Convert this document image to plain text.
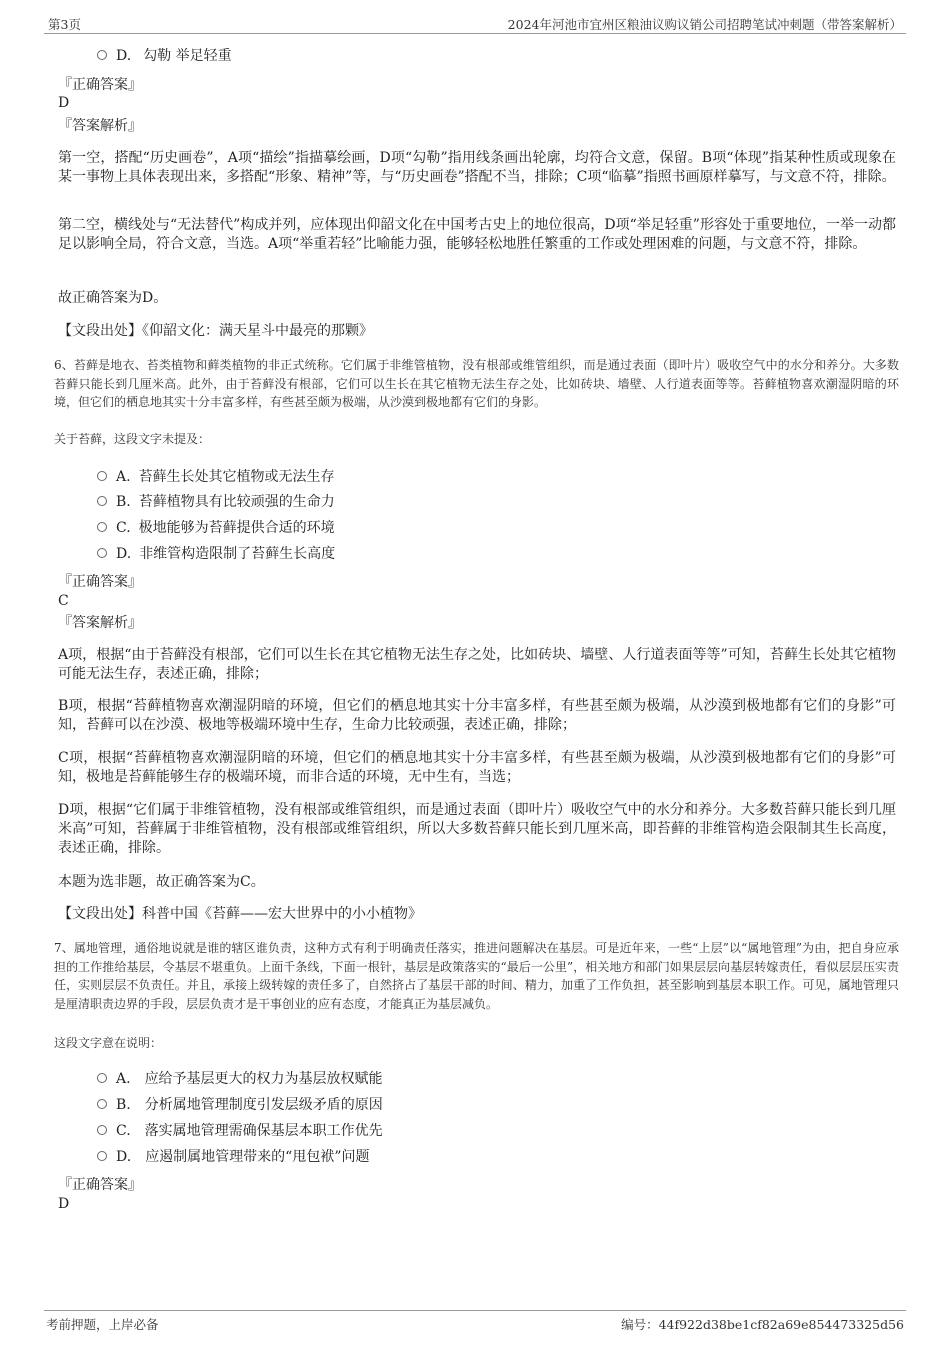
第3页	2024年河池市宜州区粮油议购议销公司招聘笔试冲刺题（带答案解析）
D. 勾勒 举足轻重
『正确答案』
D
『答案解析』
第一空，搭配“历史画卷”，A项“描绘”指描摹绘画，D项“勾勒”指用线条画出轮廓，均符合文意，保留。B项“体现”指某种性质或现象在某一事物上具体表现出来，多搭配“形象、精神”等，与“历史画卷”搭配不当，排除；C项“临摹”指照书画原样摹写，与文意不符，排除。
第二空，横线处与“无法替代”构成并列，应体现出仰韶文化在中国考古史上的地位很高，D项“举足轻重”形容处于重要地位，一举一动都足以影响全局，符合文意，当选。A项“举重若轻”比喻能力强，能够轻松地胜任繁重的工作或处理困难的问题，与文意不符，排除。
故正确答案为D。
【文段出处】《仰韶文化：满天星斗中最亮的那颗》
6、苔藓是地衣、苔类植物和藓类植物的非正式统称。它们属于非维管植物，没有根部或维管组织，而是通过表面（即叶片）吸收空气中的水分和养分。大多数苔藓只能长到几厘米高。此外，由于苔藓没有根部，它们可以生长在其它植物无法生存之处，比如砖块、墙壁、人行道表面等等。苔藓植物喜欢潮湿阴暗的环境，但它们的栖息地其实十分丰富多样，有些甚至颇为极端，从沙漠到极地都有它们的身影。
关于苔藓，这段文字未提及：
A. 苔藓生长处其它植物或无法生存
B. 苔藓植物具有比较顽强的生命力
C. 极地能够为苔藓提供合适的环境
D. 非维管构造限制了苔藓生长高度
『正确答案』
C
『答案解析』
A项，根据“由于苔藓没有根部，它们可以生长在其它植物无法生存之处，比如砖块、墙壁、人行道表面等等”可知，苔藓生长处其它植物可能无法生存，表述正确，排除；
B项，根据“苔藓植物喜欢潮湿阴暗的环境，但它们的栖息地其实十分丰富多样，有些甚至颇为极端，从沙漠到极地都有它们的身影”可知，苔藓可以在沙漠、极地等极端环境中生存，生命力比较顽强，表述正确，排除；
C项，根据“苔藓植物喜欢潮湿阴暗的环境，但它们的栖息地其实十分丰富多样，有些甚至颇为极端，从沙漠到极地都有它们的身影”可知，极地是苔藓能够生存的极端环境，而非合适的环境，无中生有，当选；
D项，根据“它们属于非维管植物，没有根部或维管组织，而是通过表面（即叶片）吸收空气中的水分和养分。大多数苔藓只能长到几厘米高”可知，苔藓属于非维管植物，没有根部或维管组织，所以大多数苔藓只能长到几厘米高，即苔藓的非维管构造会限制其生长高度，表述正确，排除。
本题为选非题，故正确答案为C。
【文段出处】科普中国《苔藓——宏大世界中的小小植物》
7、属地管理，通俗地说就是谁的辖区谁负责，这种方式有利于明确责任落实，推进问题解决在基层。可是近年来，一些“上层”以“属地管理”为由，把自身应承担的工作推给基层，令基层不堪重负。上面千条线，下面一根针，基层是政策落实的“最后一公里”，相关地方和部门如果层层向基层转嫁责任，看似层层压实责任，实则层层不负责任。并且，承接上级转嫁的责任多了，自然挤占了基层干部的时间、精力，加重了工作负担，甚至影响到基层本职工作。可见，属地管理只是厘清职责边界的手段，层层负责才是干事创业的应有态度，才能真正为基层减负。
这段文字意在说明：
A. 应给予基层更大的权力为基层放权赋能
B. 分析属地管理制度引发层级矛盾的原因
C. 落实属地管理需确保基层本职工作优先
D. 应遏制属地管理带来的“甩包袱”问题
『正确答案』
D
考前押题，上岸必备	编号：44f922d38be1cf82a69e854473325d56
